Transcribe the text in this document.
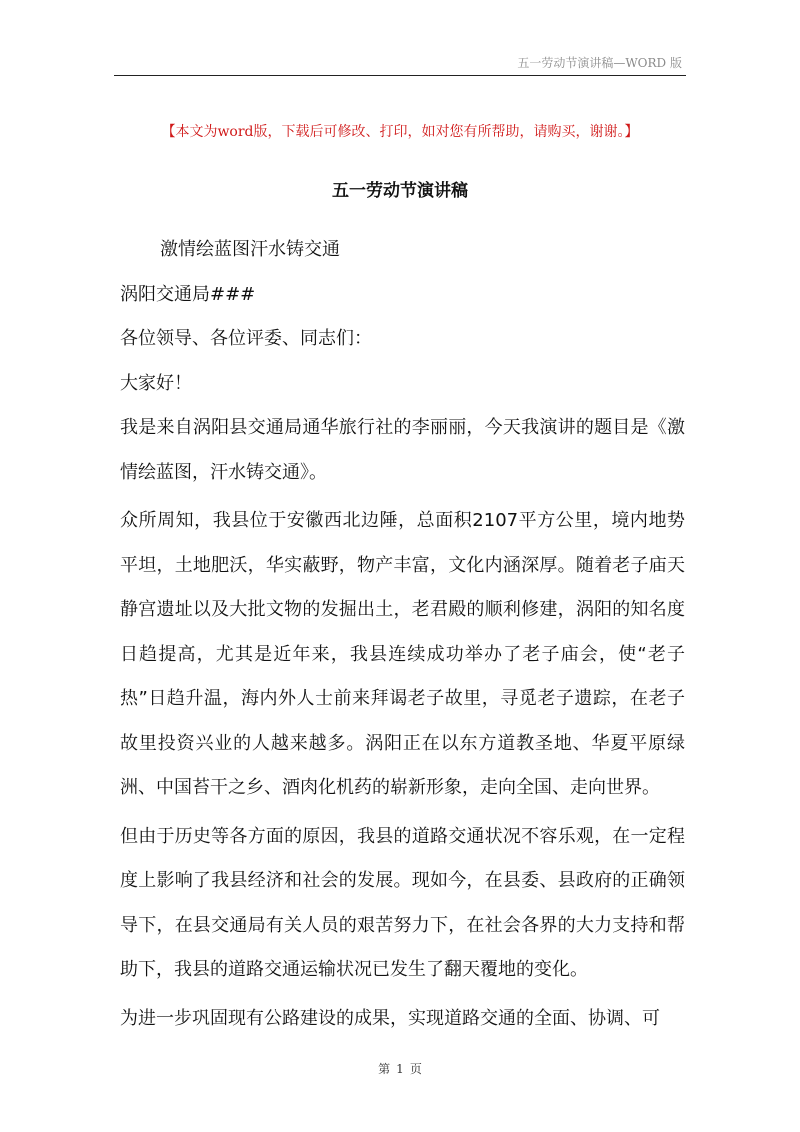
五一劳动节演讲稿—WORD 版
【本文为word版，下载后可修改、打印，如对您有所帮助，请购买，谢谢。】
五一劳动节演讲稿

激情绘蓝图汗水铸交通

涡阳交通局###

各位领导、各位评委、同志们：

大家好！

我是来自涡阳县交通局通华旅行社的李丽丽，今天我演讲的题目是《激情绘蓝图，汗水铸交通》。

众所周知，我县位于安徽西北边陲，总面积2107平方公里，境内地势平坦，土地肥沃，华实蔽野，物产丰富，文化内涵深厚。随着老子庙天静宫遗址以及大批文物的发掘出土，老君殿的顺利修建，涡阳的知名度日趋提高，尤其是近年来，我县连续成功举办了老子庙会，使“老子热”日趋升温，海内外人士前来拜谒老子故里，寻觅老子遗踪，在老子故里投资兴业的人越来越多。涡阳正在以东方道教圣地、华夏平原绿洲、中国苔干之乡、酒肉化机药的崭新形象，走向全国、走向世界。

但由于历史等各方面的原因，我县的道路交通状况不容乐观，在一定程度上影响了我县经济和社会的发展。现如今，在县委、县政府的正确领导下，在县交通局有关人员的艰苦努力下，在社会各界的大力支持和帮助下，我县的道路交通运输状况已发生了翻天覆地的变化。

为进一步巩固现有公路建设的成果，实现道路交通的全面、协调、可

第 1 页
